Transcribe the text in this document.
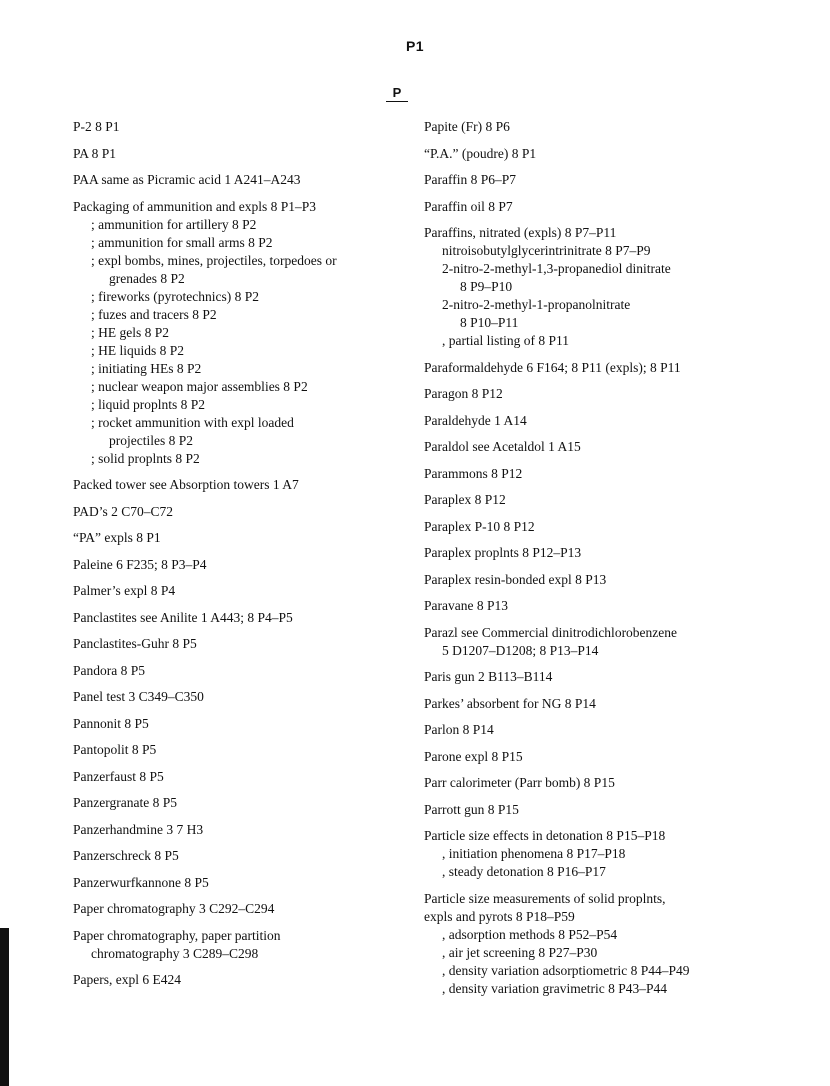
P1
P
P-2 8 P1
PA 8 P1
PAA same as Picramic acid 1 A241–A243
Packaging of ammunition and expls 8 P1–P3
; ammunition for artillery 8 P2
; ammunition for small arms 8 P2
; expl bombs, mines, projectiles, torpedoes or
grenades 8 P2
; fireworks (pyrotechnics) 8 P2
; fuzes and tracers 8 P2
; HE gels 8 P2
; HE liquids 8 P2
; initiating HEs 8 P2
; nuclear weapon major assemblies 8 P2
; liquid proplnts 8 P2
; rocket ammunition with expl loaded
projectiles 8 P2
; solid proplnts 8 P2
Packed tower see Absorption towers 1 A7
PAD’s 2 C70–C72
“PA” expls 8 P1
Paleine 6 F235; 8 P3–P4
Palmer’s expl 8 P4
Panclastites see Anilite 1 A443; 8 P4–P5
Panclastites-Guhr 8 P5
Pandora 8 P5
Panel test 3 C349–C350
Pannonit 8 P5
Pantopolit 8 P5
Panzerfaust 8 P5
Panzergranate 8 P5
Panzerhandmine 3 7 H3
Panzerschreck 8 P5
Panzerwurfkannone 8 P5
Paper chromatography 3 C292–C294
Paper chromatography, paper partition
chromatography 3 C289–C298
Papers, expl 6 E424
Papite (Fr) 8 P6
“P.A.” (poudre) 8 P1
Paraffin 8 P6–P7
Paraffin oil 8 P7
Paraffins, nitrated (expls) 8 P7–P11
nitroisobutylglycerintrinitrate 8 P7–P9
2-nitro-2-methyl-1,3-propanediol dinitrate
8 P9–P10
2-nitro-2-methyl-1-propanolnitrate
8 P10–P11
, partial listing of 8 P11
Paraformaldehyde 6 F164; 8 P11 (expls); 8 P11
Paragon 8 P12
Paraldehyde 1 A14
Paraldol see Acetaldol 1 A15
Parammons 8 P12
Paraplex 8 P12
Paraplex P-10 8 P12
Paraplex proplnts 8 P12–P13
Paraplex resin-bonded expl 8 P13
Paravane 8 P13
Parazl see Commercial dinitrodichlorobenzene
5 D1207–D1208; 8 P13–P14
Paris gun 2 B113–B114
Parkes’ absorbent for NG 8 P14
Parlon 8 P14
Parone expl 8 P15
Parr calorimeter (Parr bomb) 8 P15
Parrott gun 8 P15
Particle size effects in detonation 8 P15–P18
, initiation phenomena 8 P17–P18
, steady detonation 8 P16–P17
Particle size measurements of solid proplnts,
expls and pyrots 8 P18–P59
, adsorption methods 8 P52–P54
, air jet screening 8 P27–P30
, density variation adsorptiometric 8 P44–P49
, density variation gravimetric 8 P43–P44
